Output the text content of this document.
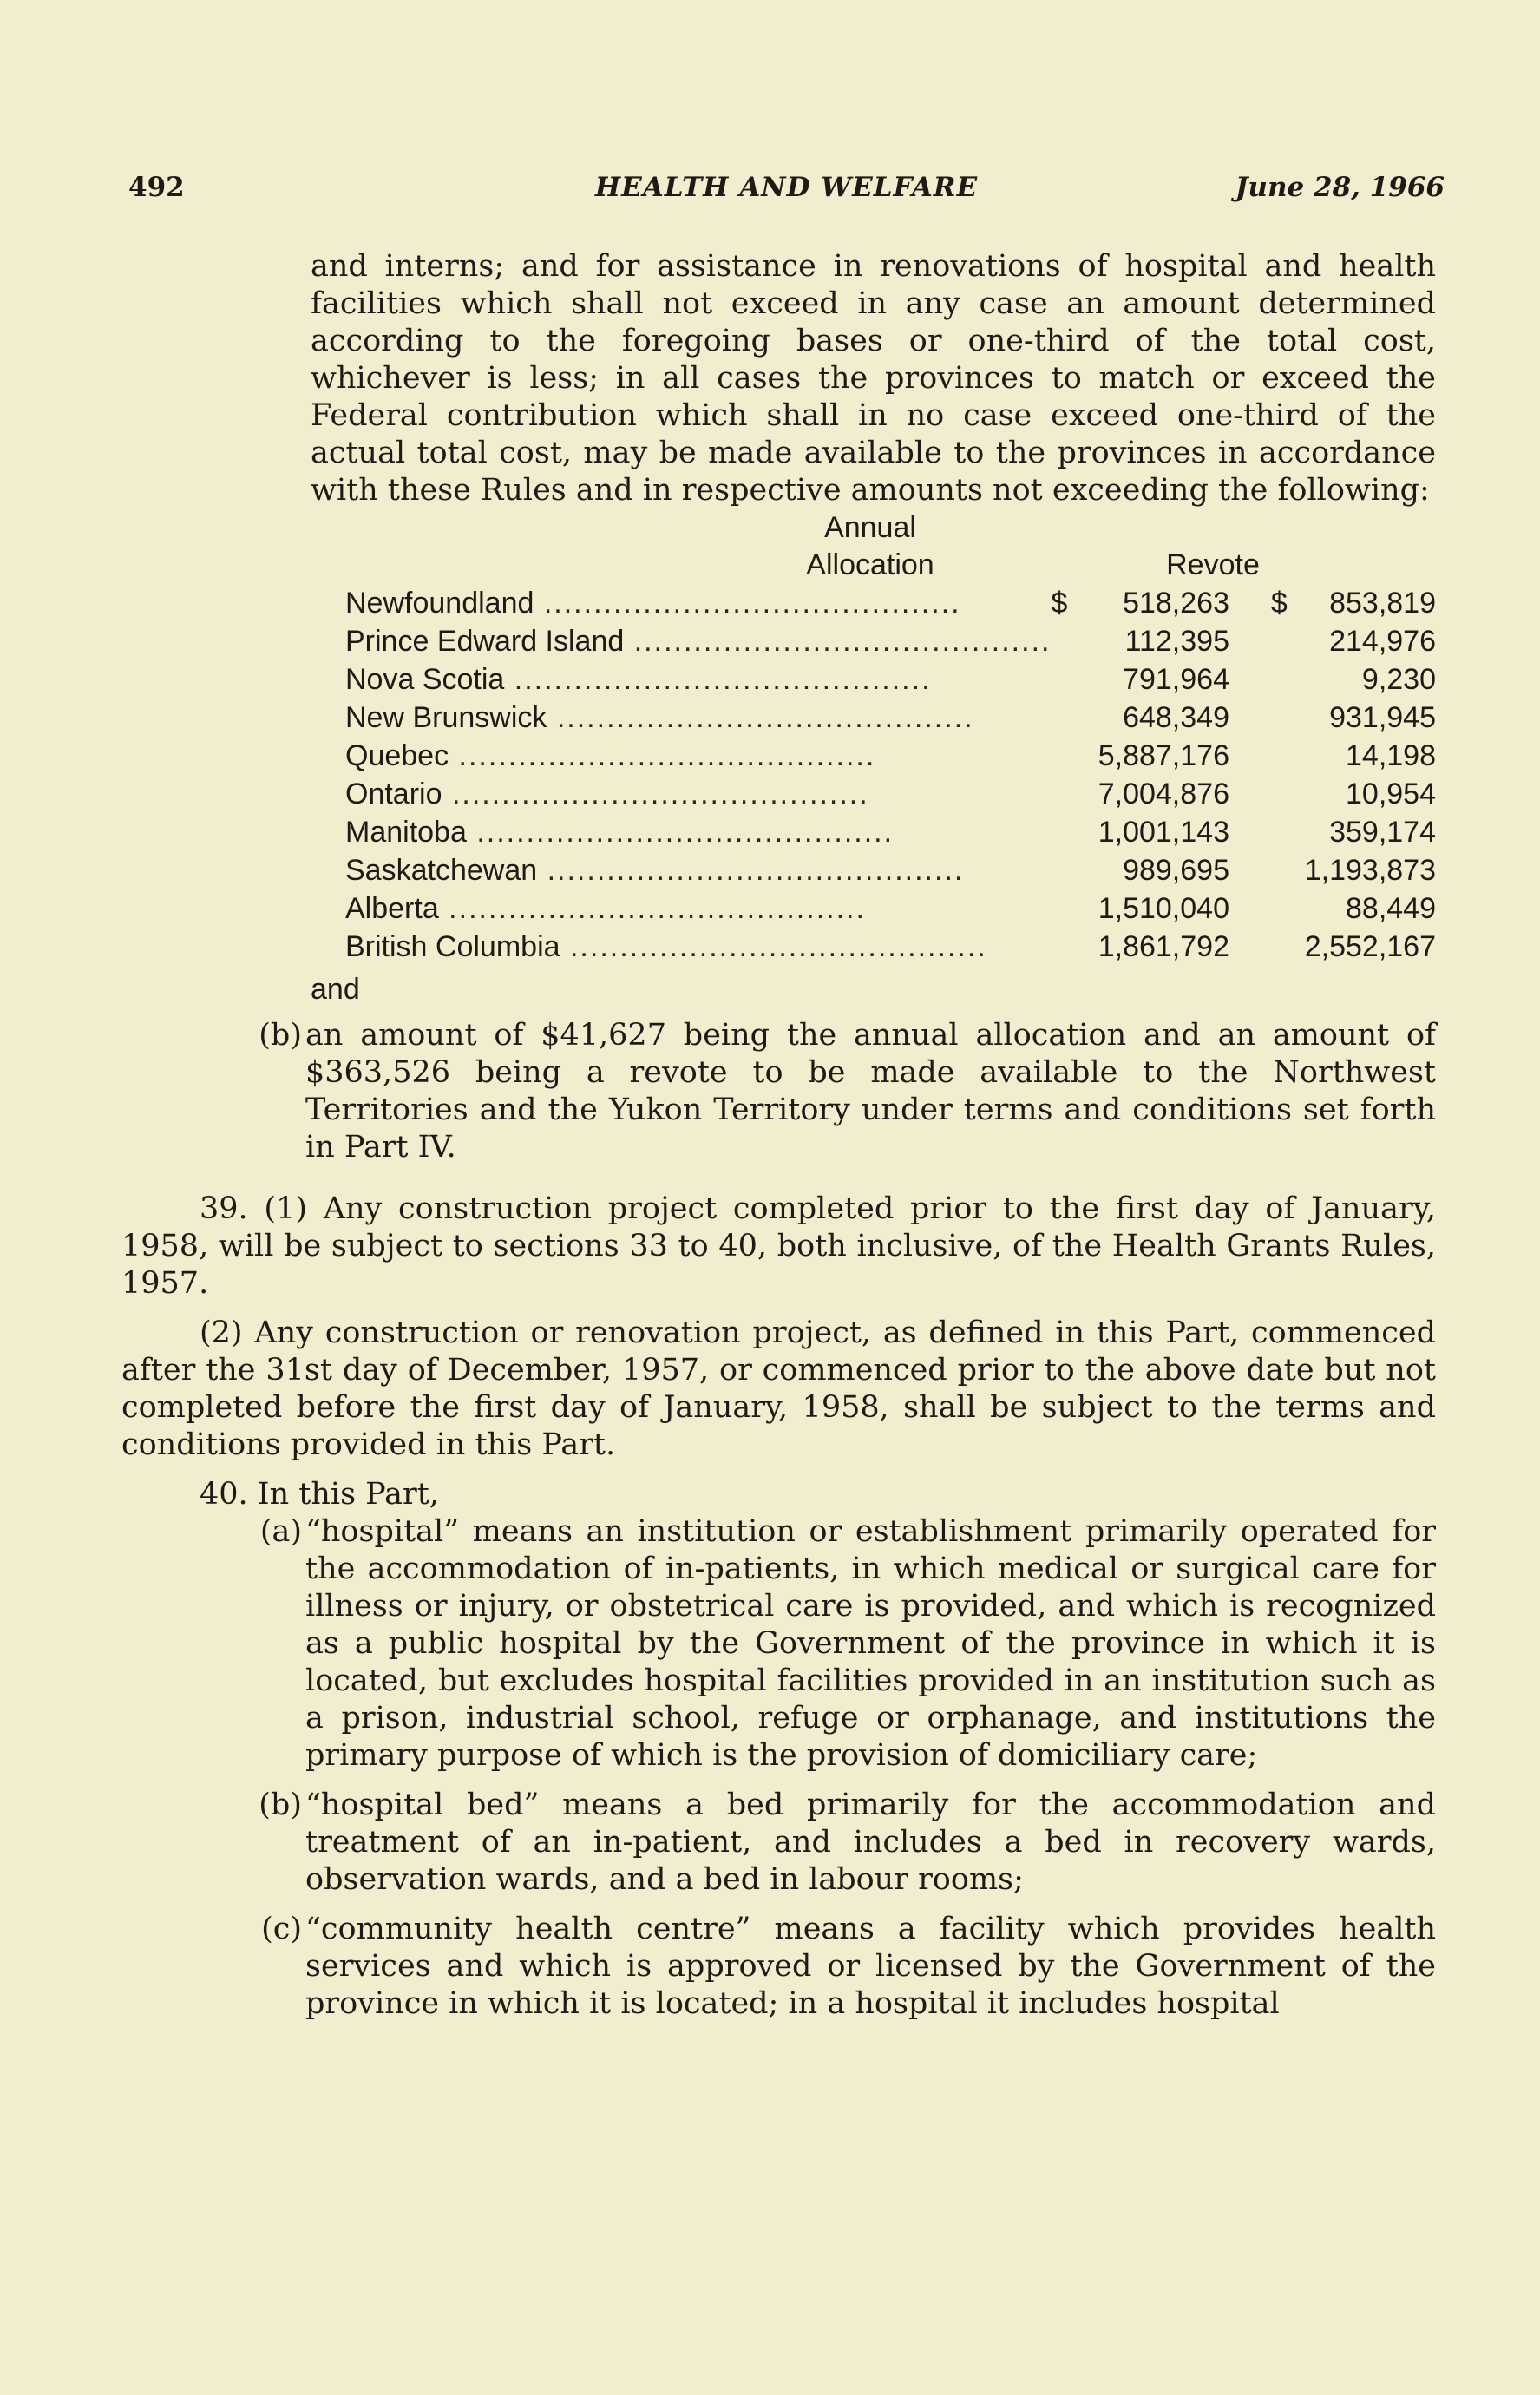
492	HEALTH AND WELFARE	June 28, 1966

and interns; and for assistance in renovations of hospital and health facilities which shall not exceed in any case an amount determined according to the foregoing bases or one-third of the total cost, whichever is less; in all cases the provinces to match or exceed the Federal contribution which shall in no case exceed one-third of the actual total cost, may be made available to the provinces in accordance with these Rules and in respective amounts not exceeding the following:

Annual
Allocation	Revote
Newfoundland ..........................................	$	518,263	$	853,819
Prince Edward Island ..........................................		112,395		214,976
Nova Scotia ..........................................		791,964		9,230
New Brunswick ..........................................		648,349		931,945
Quebec ..........................................		5,887,176		14,198
Ontario ..........................................		7,004,876		10,954
Manitoba ..........................................		1,001,143		359,174
Saskatchewan ..........................................		989,695		1,193,873
Alberta ..........................................		1,510,040		88,449
British Columbia ..........................................		1,861,792		2,552,167
and
(b) an amount of $41,627 being the annual allocation and an amount of $363,526 being a revote to be made available to the Northwest Territories and the Yukon Territory under terms and conditions set forth in Part IV.

39. (1) Any construction project completed prior to the first day of January, 1958, will be subject to sections 33 to 40, both inclusive, of the Health Grants Rules, 1957.

(2) Any construction or renovation project, as defined in this Part, commenced after the 31st day of December, 1957, or commenced prior to the above date but not completed before the first day of January, 1958, shall be subject to the terms and conditions provided in this Part.

40. In this Part,

(a) “hospital” means an institution or establishment primarily operated for the accommodation of in-patients, in which medical or surgical care for illness or injury, or obstetrical care is provided, and which is recognized as a public hospital by the Government of the province in which it is located, but excludes hospital facilities provided in an institution such as a prison, industrial school, refuge or orphanage, and institutions the primary purpose of which is the provision of domiciliary care;

(b) “hospital bed” means a bed primarily for the accommodation and treatment of an in-patient, and includes a bed in recovery wards, observation wards, and a bed in labour rooms;

(c) “community health centre” means a facility which provides health services and which is approved or licensed by the Government of the province in which it is located; in a hospital it includes hospital
